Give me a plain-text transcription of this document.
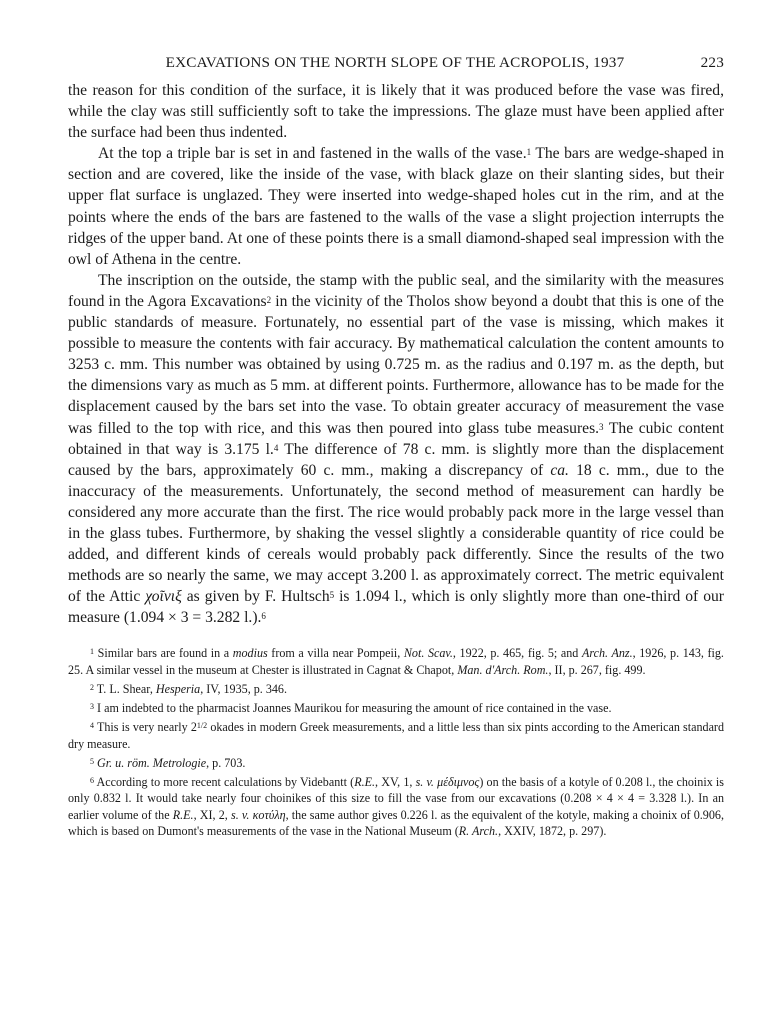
EXCAVATIONS ON THE NORTH SLOPE OF THE ACROPOLIS, 1937	223

the reason for this condition of the surface, it is likely that it was produced before the vase was fired, while the clay was still sufficiently soft to take the impressions. The glaze must have been applied after the surface had been thus indented.

At the top a triple bar is set in and fastened in the walls of the vase.$^1$ The bars are wedge-shaped in section and are covered, like the inside of the vase, with black glaze on their slanting sides, but their upper flat surface is unglazed. They were inserted into wedge-shaped holes cut in the rim, and at the points where the ends of the bars are fastened to the walls of the vase a slight projection interrupts the ridges of the upper band. At one of these points there is a small diamond-shaped seal impression with the owl of Athena in the centre.

The inscription on the outside, the stamp with the public seal, and the similarity with the measures found in the Agora Excavations$^2$ in the vicinity of the Tholos show beyond a doubt that this is one of the public standards of measure. Fortunately, no essential part of the vase is missing, which makes it possible to measure the contents with fair accuracy. By mathematical calculation the content amounts to 3253 c. mm. This number was obtained by using 0.725 m. as the radius and 0.197 m. as the depth, but the dimensions vary as much as 5 mm. at different points. Furthermore, allowance has to be made for the displacement caused by the bars set into the vase. To obtain greater accuracy of measurement the vase was filled to the top with rice, and this was then poured into glass tube measures.$^3$ The cubic content obtained in that way is 3.175 l.$^4$ The difference of 78 c. mm. is slightly more than the displacement caused by the bars, approximately 60 c. mm., making a discrepancy of ca. 18 c. mm., due to the inaccuracy of the measurements. Unfortunately, the second method of measurement can hardly be considered any more accurate than the first. The rice would probably pack more in the large vessel than in the glass tubes. Furthermore, by shaking the vessel slightly a considerable quantity of rice could be added, and different kinds of cereals would probably pack differently. Since the results of the two methods are so nearly the same, we may accept 3.200 l. as approximately correct. The metric equivalent of the Attic χοῖνιξ as given by F. Hultsch$^5$ is 1.094 l., which is only slightly more than one-third of our measure (1.094 × 3 = 3.282 l.).$^6$

$^1$ Similar bars are found in a modius from a villa near Pompeii, Not. Scav., 1922, p. 465, fig. 5; and Arch. Anz., 1926, p. 143, fig. 25. A similar vessel in the museum at Chester is illustrated in Cagnat & Chapot, Man. d'Arch. Rom., II, p. 267, fig. 499.

$^2$ T. L. Shear, Hesperia, IV, 1935, p. 346.

$^3$ I am indebted to the pharmacist Joannes Maurikou for measuring the amount of rice contained in the vase.

$^4$ This is very nearly $2^{1/2}$ okades in modern Greek measurements, and a little less than six pints according to the American standard dry measure.

$^5$ Gr. u. röm. Metrologie, p. 703.

$^6$ According to more recent calculations by Videbantt (R.E., XV, 1, s. v. μέδιμνος) on the basis of a kotyle of 0.208 l., the choinix is only 0.832 l. It would take nearly four choinikes of this size to fill the vase from our excavations (0.208 × 4 × 4 = 3.328 l.). In an earlier volume of the R.E., XI, 2, s. v. κοτύλη, the same author gives 0.226 l. as the equivalent of the kotyle, making a choinix of 0.906, which is based on Dumont's measurements of the vase in the National Museum (R. Arch., XXIV, 1872, p. 297).
